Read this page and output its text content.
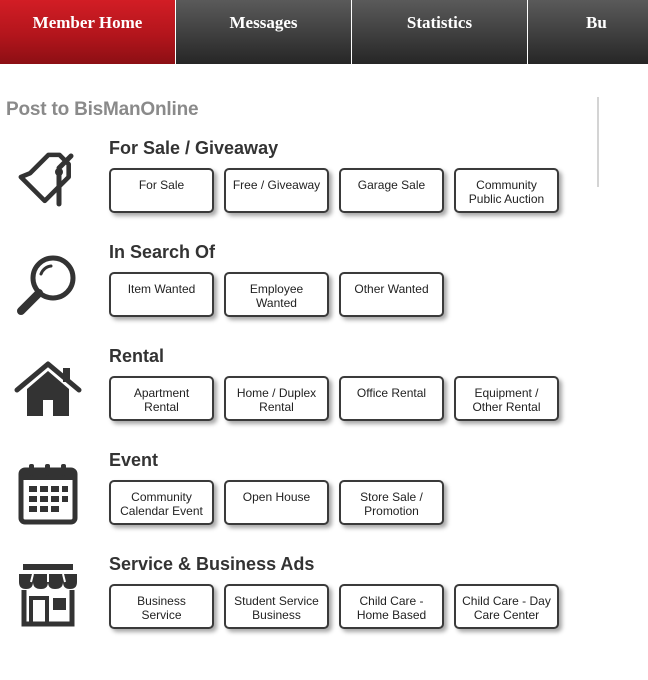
Member Home	Messages	Statistics	Bu
Post to BisManOnline
For Sale / Giveaway
For Sale	Free / Giveaway	Garage Sale	Community
Public Auction
In Search Of
Item Wanted	Employee
Wanted
Other Wanted
Rental
Apartment
Rental
Home / Duplex
Rental
Office Rental	Equipment /
Other Rental
Event
Community
Calendar Event
Open House	Store Sale /
Promotion
Service & Business Ads
Business
Service
Student Service
Business
Child Care -
Home Based
Child Care - Day
Care Center
